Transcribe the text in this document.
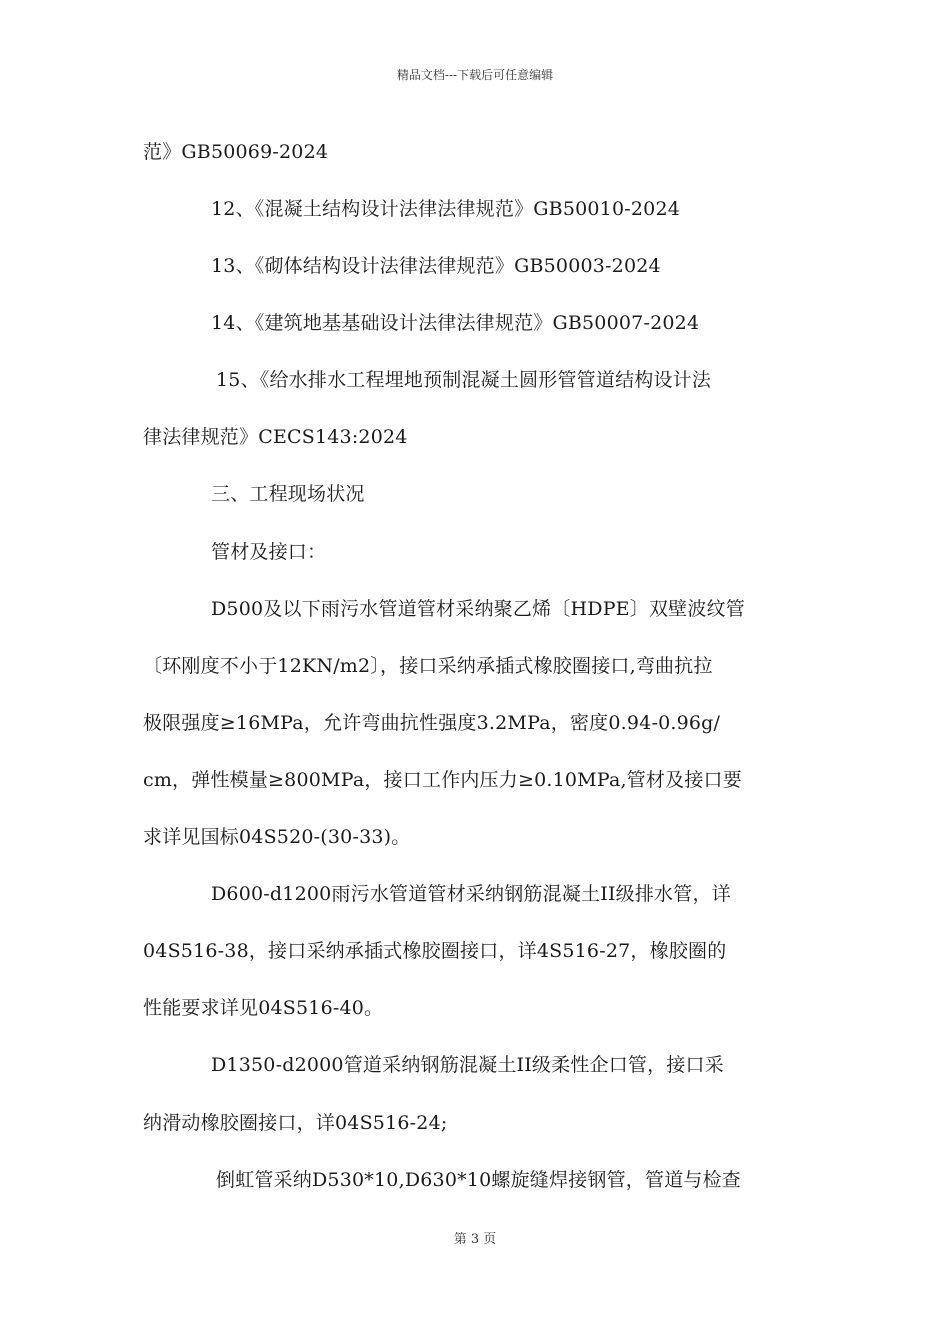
精品文档---下载后可任意编辑
范》GB50069-2024
12、《混凝土结构设计法律法律规范》GB50010-2024
13、《砌体结构设计法律法律规范》GB50003-2024
14、《建筑地基基础设计法律法律规范》GB50007-2024
15、《给水排水工程埋地预制混凝土圆形管管道结构设计法
律法律规范》CECS143:2024
三、工程现场状况
管材及接口：
D500及以下雨污水管道管材采纳聚乙烯〔HDPE〕双壁波纹管
〔环刚度不小于12KN/m2〕，接口采纳承插式橡胶圈接口,弯曲抗拉
极限强度≥16MPa，允许弯曲抗性强度3.2MPa，密度0.94-0.96g/
cm，弹性模量≥800MPa，接口工作内压力≥0.10MPa,管材及接口要
求详见国标04S520-(30-33)。
D600-d1200雨污水管道管材采纳钢筋混凝土II级排水管，详
04S516-38，接口采纳承插式橡胶圈接口，详4S516-27，橡胶圈的
性能要求详见04S516-40。
D1350-d2000管道采纳钢筋混凝土II级柔性企口管，接口采
纳滑动橡胶圈接口，详04S516-24;
倒虹管采纳D530*10,D630*10螺旋缝焊接钢管，管道与检查
第 3 页
